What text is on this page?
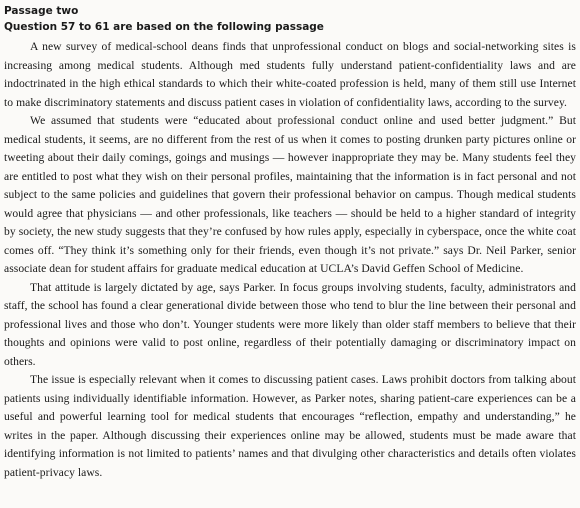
Passage two
Question 57 to 61 are based on the following passage

A new survey of medical-school deans finds that unprofessional conduct on blogs and social-networking sites is increasing among medical students. Although med students fully understand patient-confidentiality laws and are indoctrinated in the high ethical standards to which their white-coated profession is held, many of them still use Internet to make discriminatory statements and discuss patient cases in violation of confidentiality laws, according to the survey.

We assumed that students were “educated about professional conduct online and used better judgment.” But medical students, it seems, are no different from the rest of us when it comes to posting drunken party pictures online or tweeting about their daily comings, goings and musings — however inappropriate they may be. Many students feel they are entitled to post what they wish on their personal profiles, maintaining that the information is in fact personal and not subject to the same policies and guidelines that govern their professional behavior on campus. Though medical students would agree that physicians — and other professionals, like teachers — should be held to a higher standard of integrity by society, the new study suggests that they’re confused by how rules apply, especially in cyberspace, once the white coat comes off. “They think it’s something only for their friends, even though it’s not private.” says Dr. Neil Parker, senior associate dean for student affairs for graduate medical education at UCLA’s David Geffen School of Medicine.

That attitude is largely dictated by age, says Parker. In focus groups involving students, faculty, administrators and staff, the school has found a clear generational divide between those who tend to blur the line between their personal and professional lives and those who don’t. Younger students were more likely than older staff members to believe that their thoughts and opinions were valid to post online, regardless of their potentially damaging or discriminatory impact on others.

The issue is especially relevant when it comes to discussing patient cases. Laws prohibit doctors from talking about patients using individually identifiable information. However, as Parker notes, sharing patient-care experiences can be a useful and powerful learning tool for medical students that encourages “reflection, empathy and understanding,” he writes in the paper. Although discussing their experiences online may be allowed, students must be made aware that identifying information is not limited to patients’ names and that divulging other characteristics and details often violates patient-privacy laws.
